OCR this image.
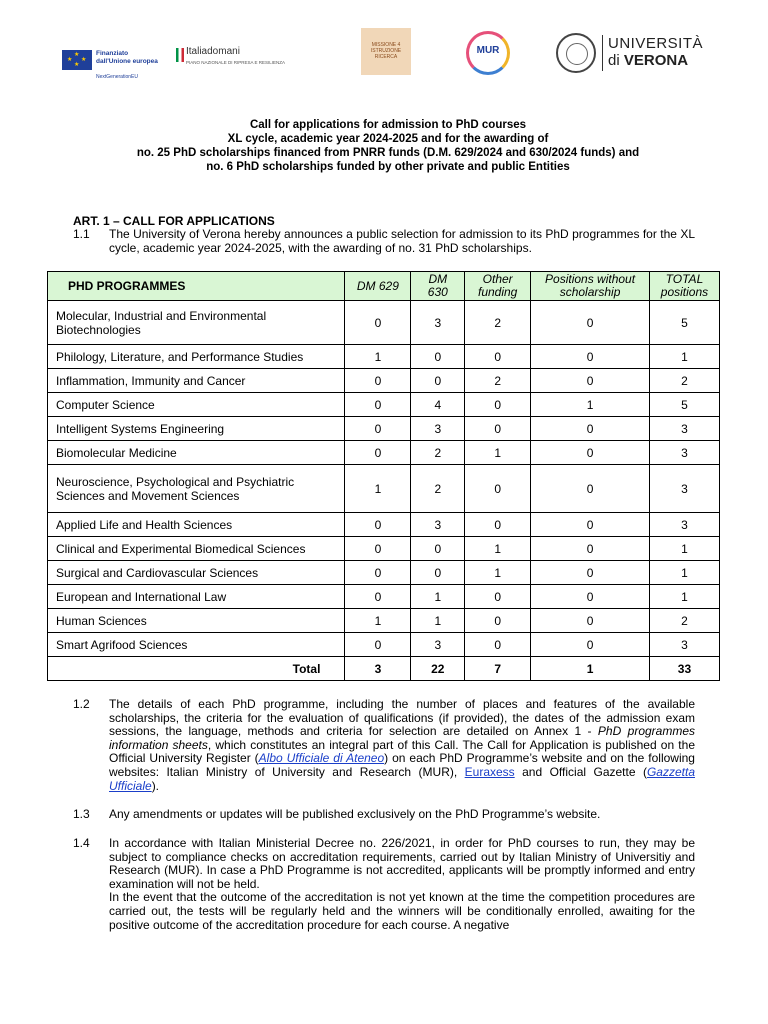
★
★ ★
★
Finanziato
dall'Unione europea
NextGenerationEU
Italiadomani
PIANO NAZIONALE DI RIPRESA E RESILIENZA
MISSIONE 4 ISTRUZIONE RICERCA
MUR	UNIVERSITÀ
di VERONA
Call for applications for admission to PhD courses
XL cycle, academic year 2024-2025 and for the awarding of
no. 25 PhD scholarships financed from PNRR funds (D.M. 629/2024 and 630/2024 funds) and
no. 6 PhD scholarships funded by other private and public Entities
ART. 1 – CALL FOR APPLICATIONS
1.1 The University of Verona hereby announces a public selection for admission to its PhD programmes for the XL cycle, academic year 2024-2025, with the awarding of no. 31 PhD scholarships.
PHD PROGRAMMES	DM 629	DM 630	Other funding	Positions without scholarship	TOTAL positions
Molecular, Industrial and Environmental Biotechnologies	0	3	2	0	5
Philology, Literature, and Performance Studies	1	0	0	0	1
Inflammation, Immunity and Cancer	0	0	2	0	2
Computer Science	0	4	0	1	5
Intelligent Systems Engineering	0	3	0	0	3
Biomolecular Medicine	0	2	1	0	3
Neuroscience, Psychological and Psychiatric Sciences and Movement Sciences	1	2	0	0	3
Applied Life and Health Sciences	0	3	0	0	3
Clinical and Experimental Biomedical Sciences	0	0	1	0	1
Surgical and Cardiovascular Sciences	0	0	1	0	1
European and International Law	0	1	0	0	1
Human Sciences	1	1	0	0	2
Smart Agrifood Sciences	0	3	0	0	3
Total	3	22	7	1	33
1.2 The details of each PhD programme, including the number of places and features of the available scholarships, the criteria for the evaluation of qualifications (if provided), the dates of the admission exam sessions, the language, methods and criteria for selection are detailed on Annex 1 - PhD programmes information sheets, which constitutes an integral part of this Call. The Call for Application is published on the Official University Register (Albo Ufficiale di Ateneo) on each PhD Programme’s website and on the following websites: Italian Ministry of University and Research (MUR), Euraxess and Official Gazette (Gazzetta Ufficiale).
1.3 Any amendments or updates will be published exclusively on the PhD Programme’s website.
1.4 In accordance with Italian Ministerial Decree no. 226/2021, in order for PhD courses to run, they may be subject to compliance checks on accreditation requirements, carried out by Italian Ministry of Universitiy and Research (MUR). In case a PhD Programme is not accredited, applicants will be promptly informed and entry examination will not be held.
In the event that the outcome of the accreditation is not yet known at the time the competition procedures are carried out, the tests will be regularly held and the winners will be conditionally enrolled, awaiting for the positive outcome of the accreditation procedure for each course. A negative
